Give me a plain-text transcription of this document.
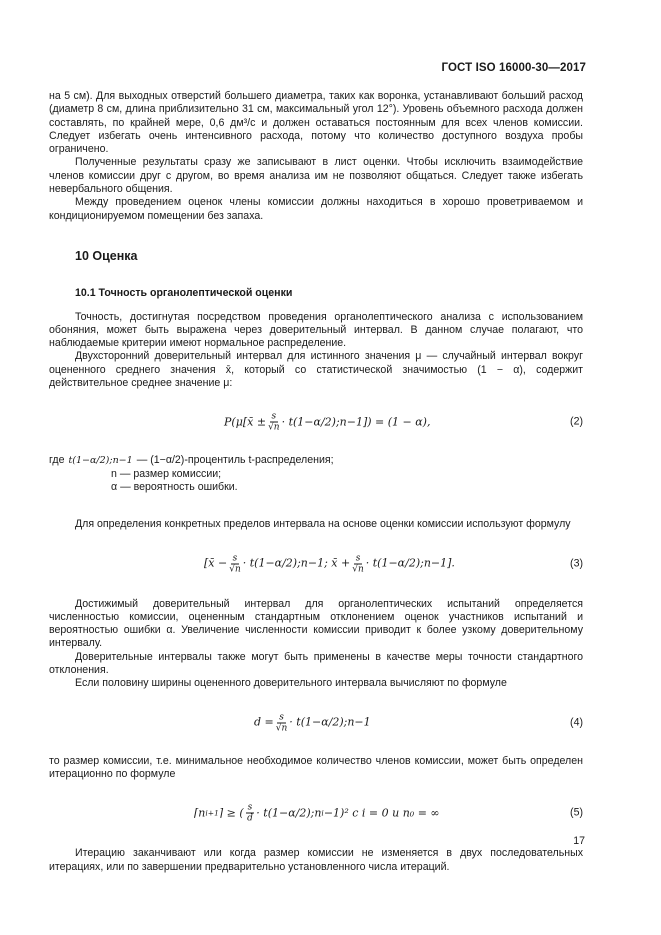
ГОСТ ISO 16000-30—2017

на 5 см). Для выходных отверстий большего диаметра, таких как воронка, устанавливают больший расход (диаметр 8 см, длина приблизительно 31 см, максимальный угол 12°). Уровень объемного расхода должен составлять, по крайней мере, 0,6 дм³/с и должен оставаться постоянным для всех членов комиссии. Следует избегать очень интенсивного расхода, потому что количество доступного воздуха пробы ограничено.

Полученные результаты сразу же записывают в лист оценки. Чтобы исключить взаимодействие членов комиссии друг с другом, во время анализа им не позволяют общаться. Следует также избегать невербального общения.

Между проведением оценок члены комиссии должны находиться в хорошо проветриваемом и кондиционируемом помещении без запаха.

10 Оценка
10.1 Точность органолептической оценки

Точность, достигнутая посредством проведения органолептического анализа с использованием обоняния, может быть выражена через доверительный интервал. В данном случае полагают, что наблюдаемые критерии имеют нормальное распределение.

Двухсторонний доверительный интервал для истинного значения μ — случайный интервал вокруг оцененного среднего значения x̄, который со статистической значимостью (1 − α), содержит действительное среднее значение μ:

P(μ[x̄ ± $\frac{s}{√n}$ · t(1−α/2);n−1]) = (1 − α),	(2)
где t(1−α/2);n−1 — (1−α/2)-процентиль t-распределения;
n — размер комиссии;
α — вероятность ошибки.

Для определения конкретных пределов интервала на основе оценки комиссии используют формулу

[x̄ − $\frac{s}{√n}$ · t(1−α/2);n−1; x̄ + $\frac{s}{√n}$ · t(1−α/2);n−1].	(3)

Достижимый доверительный интервал для органолептических испытаний определяется численностью комиссии, оцененным стандартным отклонением оценок участников испытаний и вероятностью ошибки α. Увеличение численности комиссии приводит к более узкому доверительному интервалу.

Доверительные интервалы также могут быть применены в качестве меры точности стандартного отклонения.

Если половину ширины оцененного доверительного интервала вычисляют по формуле

$d = \frac{s}{√n}$ · t(1−α/2);n−1	(4)

то размер комиссии, т.е. минимальное необходимое количество членов комиссии, может быть определен итерационно по формуле

⌈n i+1 ⌉ ≥ ( $\frac{s}{d}$ · t(1−α/2);n i −1)² с i = 0 и n₀ = ∞	(5)

Итерацию заканчивают или когда размер комиссии не изменяется в двух последовательных итерациях, или по завершении предварительно установленного числа итераций.

17
